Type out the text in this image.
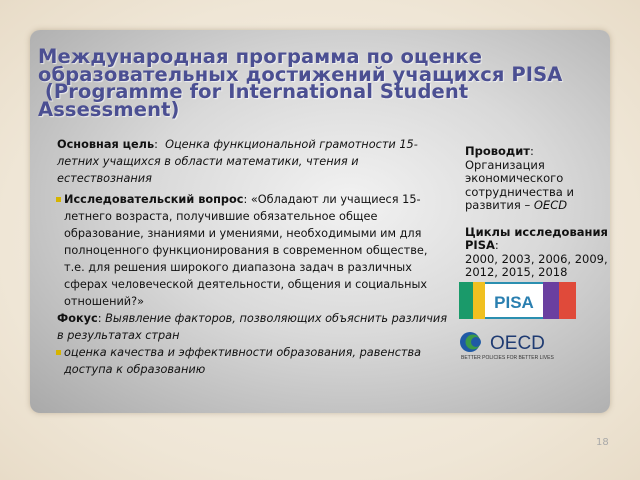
Международная программа по оценке
образовательных достижений учащихся PISA
(Programme for International Student
Assessment)

Основная цель:  Оценка функциональной грамотности 15-летних учащихся в области математики, чтения и естествознания

Исследовательский вопрос: «Обладают ли учащиеся 15-летнего возраста, получившие обязательное общее образование, знаниями и умениями, необходимыми им для полноценного функционирования в современном обществе, т.е. для решения широкого диапазона задач в различных сферах человеческой деятельности, общения и социальных отношений?»

Фокус: Выявление факторов, позволяющих объяснить различия в результатах стран

оценка качества и эффективности образования, равенства доступа к образованию

Проводит:
Организация экономического сотрудничества и развития – OECD

Циклы исследования PISA:
2000, 2003, 2006, 2009, 2012, 2015, 2018

PISA
OECD
BETTER POLICIES FOR BETTER LIVES
18
